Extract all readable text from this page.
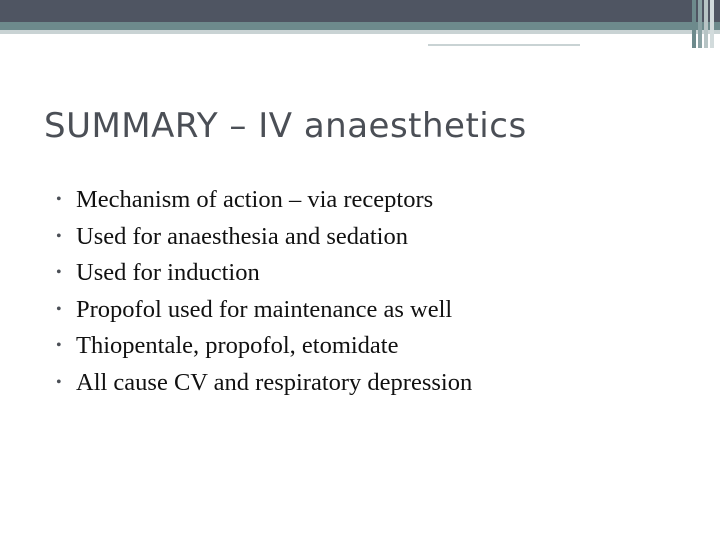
SUMMARY – IV anaesthetics
• Mechanism of action – via receptors
• Used for anaesthesia and sedation
• Used for induction
• Propofol used for maintenance as well
• Thiopentale, propofol, etomidate
• All cause CV and respiratory depression
